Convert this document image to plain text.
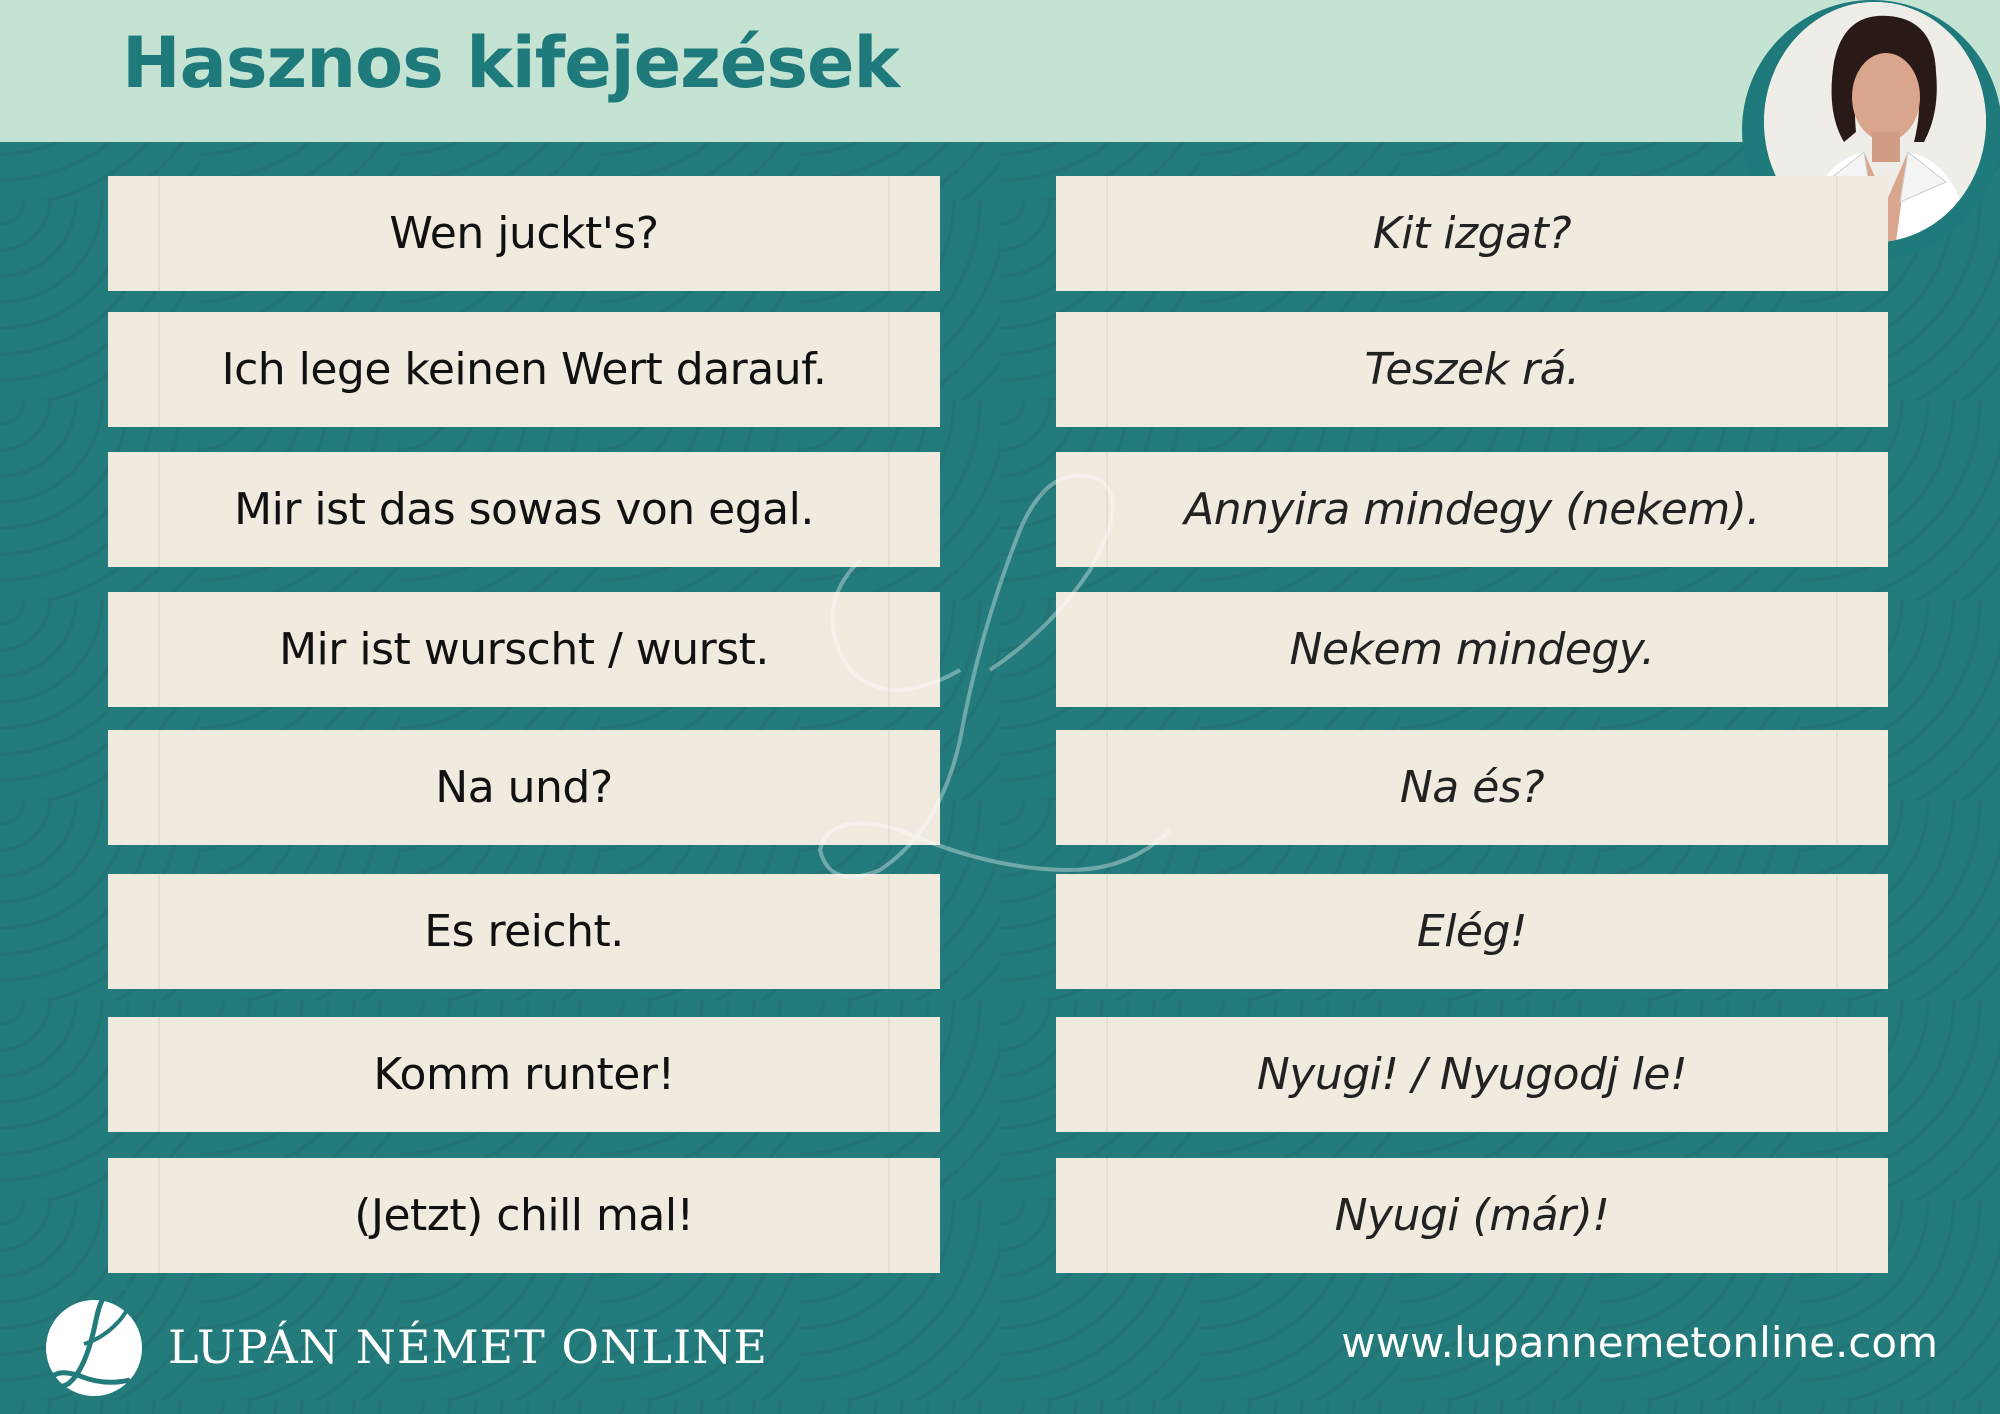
Hasznos kifejezések
Wen juckt's?
Ich lege keinen Wert darauf.
Mir ist das sowas von egal.
Mir ist wurscht / wurst.
Na und?
Es reicht.
Komm runter!
(Jetzt) chill mal!
Kit izgat?
Teszek rá.
Annyira mindegy (nekem).
Nekem mindegy.
Na és?
Elég!
Nyugi! / Nyugodj le!
Nyugi (már)!
LUPÁN NÉMET ONLINE	www.lupannemetonline.com
